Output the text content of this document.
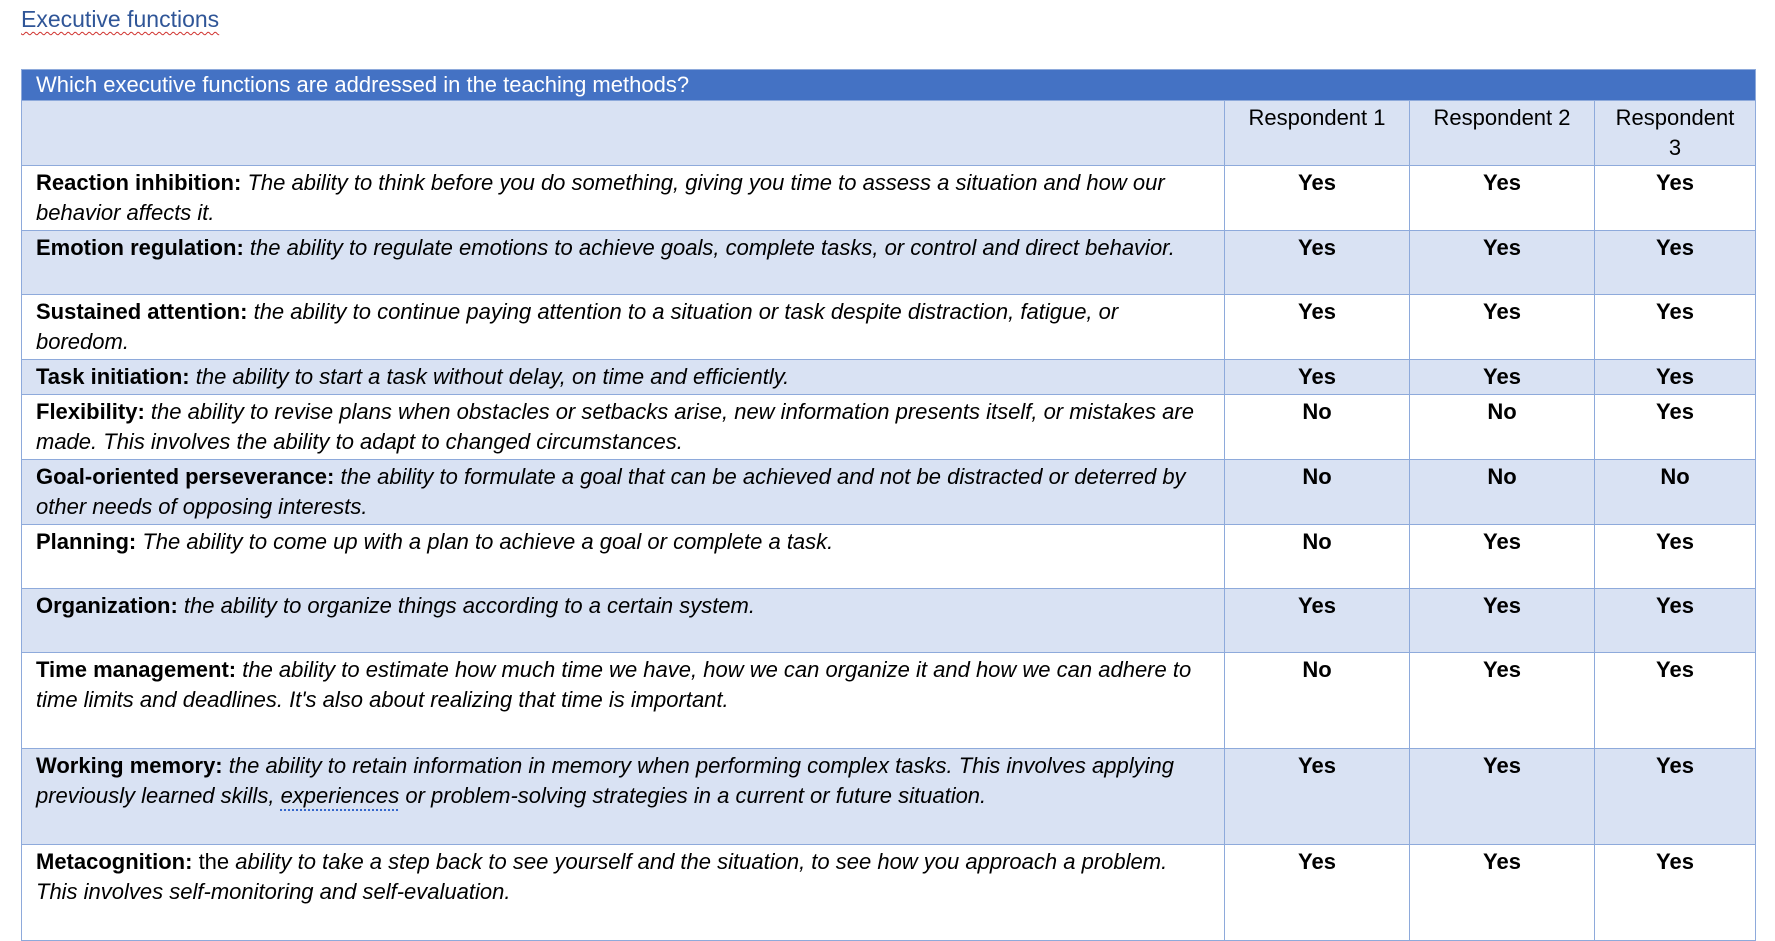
Executive functions
Which executive functions are addressed in the teaching methods?			
	Respondent 1	Respondent 2	Respondent 3
Reaction inhibition: The ability to think before you do something, giving you time to assess a situation and how our behavior affects it.	Yes	Yes	Yes
Emotion regulation: the ability to regulate emotions to achieve goals, complete tasks, or control and direct behavior.	Yes	Yes	Yes
Sustained attention: the ability to continue paying attention to a situation or task despite distraction, fatigue, or boredom.	Yes	Yes	Yes
Task initiation: the ability to start a task without delay, on time and efficiently.	Yes	Yes	Yes
Flexibility: the ability to revise plans when obstacles or setbacks arise, new information presents itself, or mistakes are made. This involves the ability to adapt to changed circumstances.	No	No	Yes
Goal-oriented perseverance: the ability to formulate a goal that can be achieved and not be distracted or deterred by other needs of opposing interests.	No	No	No
Planning: The ability to come up with a plan to achieve a goal or complete a task.	No	Yes	Yes
Organization: the ability to organize things according to a certain system.	Yes	Yes	Yes
Time management: the ability to estimate how much time we have, how we can organize it and how we can adhere to time limits and deadlines. It's also about realizing that time is important.	No	Yes	Yes
Working memory: the ability to retain information in memory when performing complex tasks. This involves applying previously learned skills, experiences or problem-solving strategies in a current or future situation.	Yes	Yes	Yes
Metacognition: the ability to take a step back to see yourself and the situation, to see how you approach a problem. This involves self-monitoring and self-evaluation.	Yes	Yes	Yes
